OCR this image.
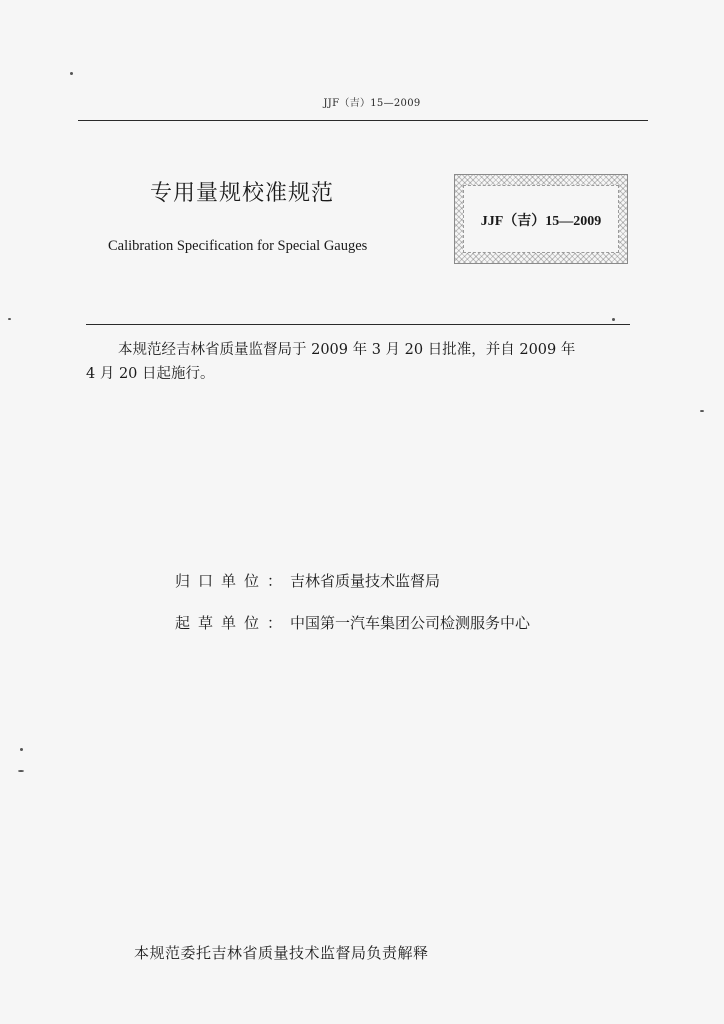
JJF（吉）15—2009
专用量规校准规范
Calibration Specification for Special Gauges
JJF（吉）15—2009
本规范经吉林省质量监督局于 2009 年 3 月 20 日批准，并自 2009 年
4 月 20 日起施行。
归口单位：吉林省质量技术监督局
起草单位：中国第一汽车集团公司检测服务中心
本规范委托吉林省质量技术监督局负责解释
